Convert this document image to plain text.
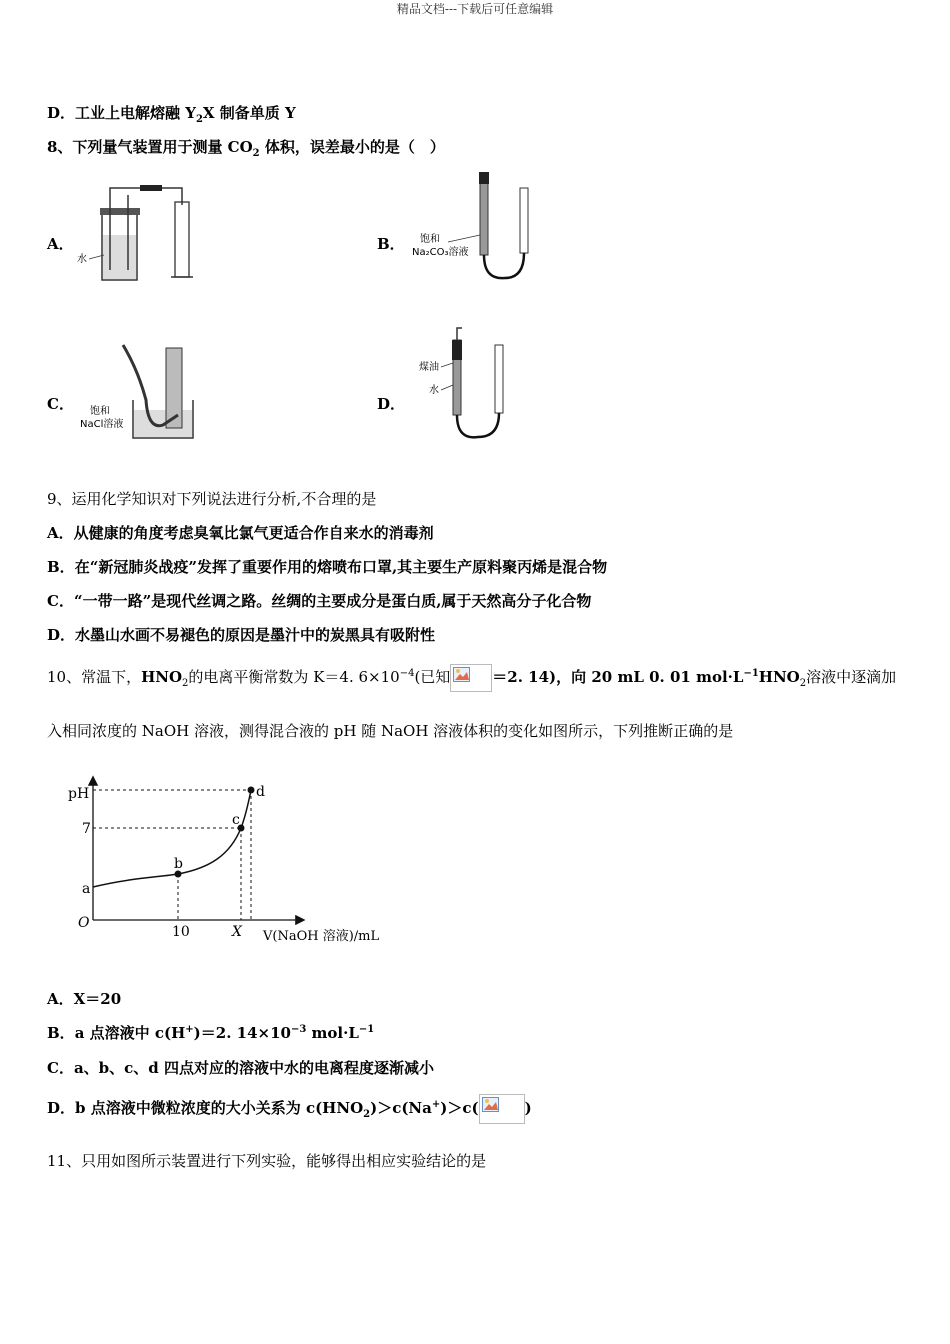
精品文档---下载后可任意编辑
D．工业上电解熔融 $Y_2X$ 制备单质 Y
8、下列量气装置用于测量 $CO_2$ 体积，误差最小的是（　）
A．	B．
C．	D．
水
饱和
Na₂CO₃溶液
饱和
NaCl溶液
煤油
水
9、运用化学知识对下列说法进行分析,不合理的是
A．从健康的角度考虑臭氧比氯气更适合作自来水的消毒剂
B．在“新冠肺炎战疫”发挥了重要作用的熔喷布口罩,其主要生产原料聚丙烯是混合物
C．“一带一路”是现代丝调之路。丝绸的主要成分是蛋白质,属于天然高分子化合物
D．水墨山水画不易褪色的原因是墨汁中的炭黑具有吸附性
10、常温下，$HNO_2$的电离平衡常数为 K＝4. $6\times 10^{-4}$(已知	＝2. 14)，向 20 mL 0. 01 $mol\cdot L^{-1}HNO_2$溶液中逐滴加
入相同浓度的 NaOH 溶液，测得混合液的 pH 随 NaOH 溶液体积的变化如图所示，下列推断正确的是
pH
7
a
O
10	X V(NaOH 溶液)/mL
b
c
d
A．X＝20
B．a 点溶液中 c(H+)＝2. $14\times 10^{-3}$ $mol\cdot L^{-1}$
C．a、b、c、d 四点对应的溶液中水的电离程度逐渐减小
D．b 点溶液中微粒浓度的大小关系为 $c(HNO_2)>c(Na^+)>c$(	)
11、只用如图所示装置进行下列实验，能够得出相应实验结论的是
